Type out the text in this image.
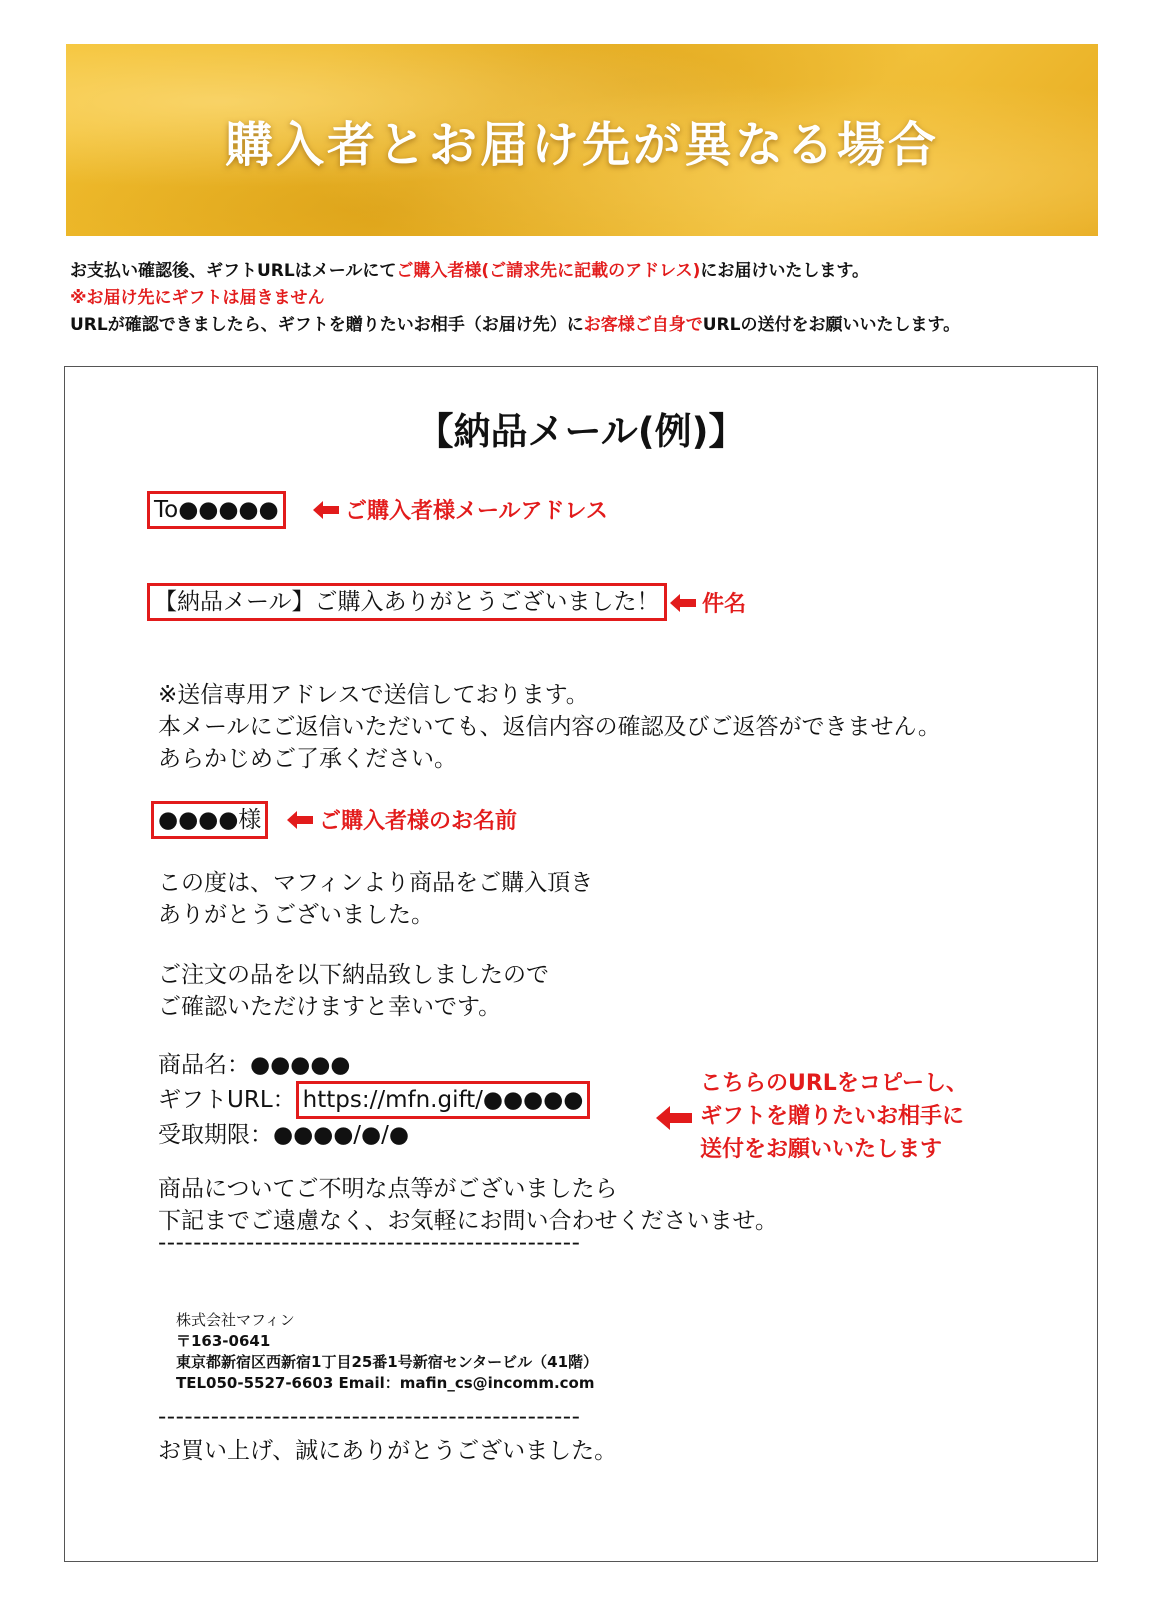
購入者とお届け先が異なる場合
お支払い確認後、ギフトURLはメールにてご購入者様(ご請求先に記載のアドレス)にお届けいたします。
※お届け先にギフトは届きません
URLが確認できましたら、ギフトを贈りたいお相手（お届け先）にお客様ご自身でURLの送付をお願いいたします。
【納品メール(例)】
To●●●●●	ご購入者様メールアドレス
【納品メール】ご購入ありがとうございました！	件名
※送信専用アドレスで送信しております。
本メールにご返信いただいても、返信内容の確認及びご返答ができません。
あらかじめご了承ください。
●●●●様	ご購入者様のお名前
この度は、マフィンより商品をご購入頂き
ありがとうございました。
ご注文の品を以下納品致しましたので
ご確認いただけますと幸いです。
商品名：●●●●●
ギフトURL： https://mfn.gift/●●●●●
受取期限：●●●●/●/●
商品についてご不明な点等がございましたら
下記までご遠慮なく、お気軽にお問い合わせくださいませ。
------------------------------------------------
------------------------------------------------
お買い上げ、誠にありがとうございました。
こちらのURLをコピーし、
ギフトを贈りたいお相手に
送付をお願いいたします
株式会社マフィン
〒163-0641
東京都新宿区西新宿1丁目25番1号新宿センタービル（41階）
TEL050-5527-6603 Email：mafin_cs@incomm.com
